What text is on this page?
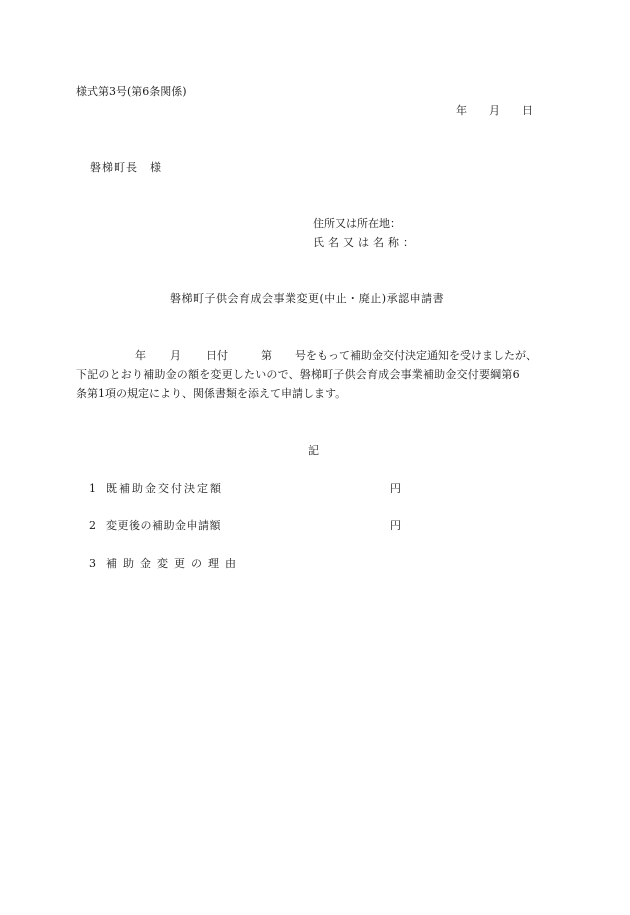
様式第3号(第6条関係)
年 月 日
磐梯町長 様
住所又は所在地：
氏名又は名称：
磐梯町子供会育成会事業変更(中止・廃止)承認申請書
年 月 日付	第 号をもって補助金交付決定通知を受けましたが、
下記のとおり補助金の額を変更したいので、磐梯町子供会育成会事業補助金交付要綱第6
条第1項の規定により、関係書類を添えて申請します。
記
1 既補助金交付決定額	円
2 変更後の補助金申請額	円
3 補助金変更の理由
